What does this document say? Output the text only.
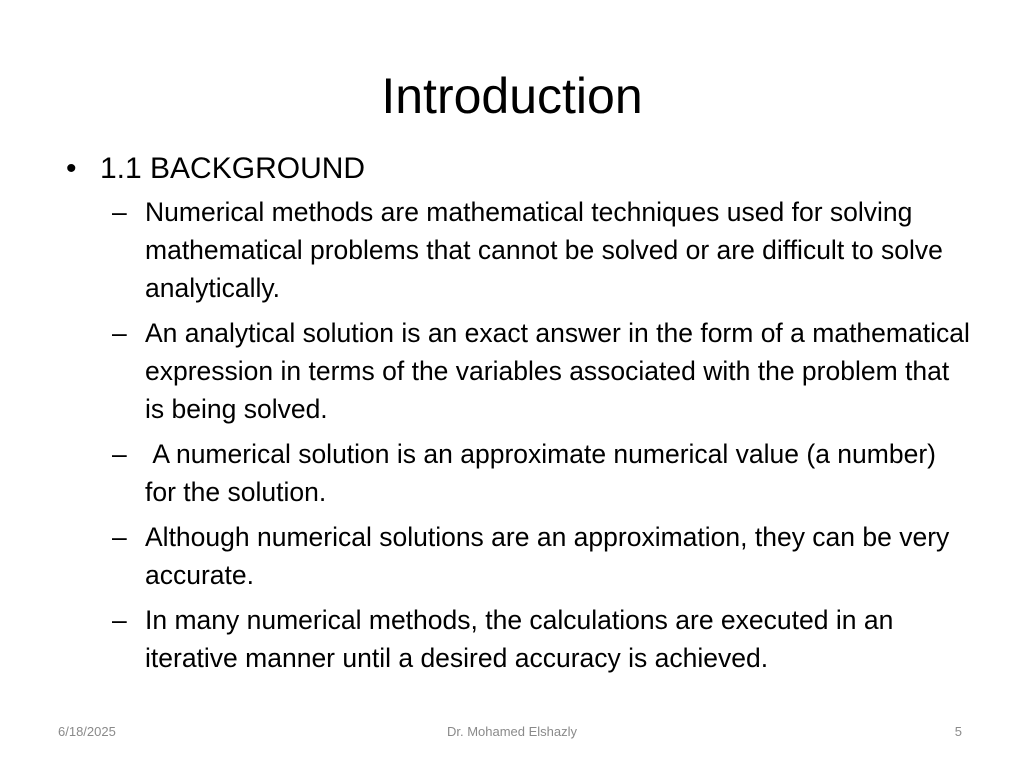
Introduction
• 1.1 BACKGROUND
– Numerical methods are mathematical techniques used for solving mathematical problems that cannot be solved or are difficult to solve analytically.
– An analytical solution is an exact answer in the form of a mathematical expression in terms of the variables associated with the problem that is being solved.
– A numerical solution is an approximate numerical value (a number) for the solution.
– Although numerical solutions are an approximation, they can be very accurate.
– In many numerical methods, the calculations are executed in an iterative manner until a desired accuracy is achieved.
6/18/2025	Dr. Mohamed Elshazly	5
